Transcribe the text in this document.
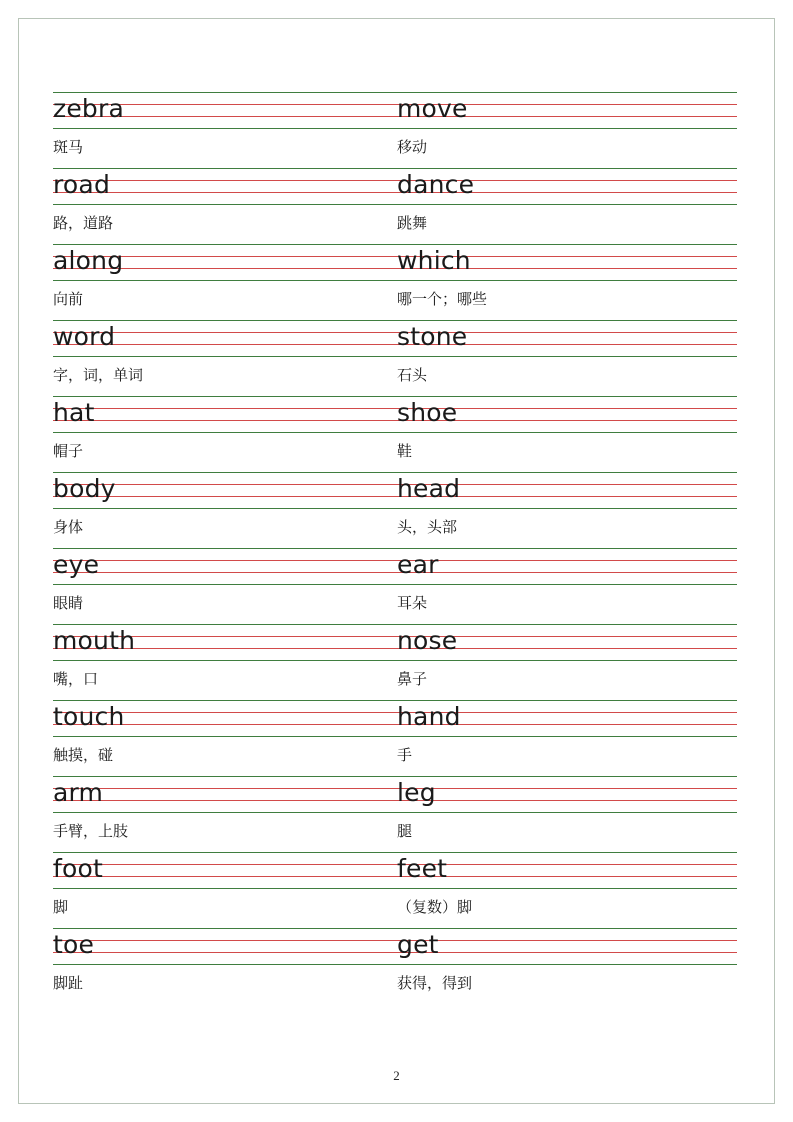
zebra
斑马
move
移动
road
路，道路
dance
跳舞
along
向前
which
哪一个；哪些
word
字，词，单词
stone
石头
hat
帽子
shoe
鞋
body
身体
head
头，头部
eye
眼睛
ear
耳朵
mouth
嘴，口
nose
鼻子
touch
触摸，碰
hand
手
arm
手臂，上肢
leg
腿
foot
脚
feet
（复数）脚
toe
脚趾
get
获得，得到
2
